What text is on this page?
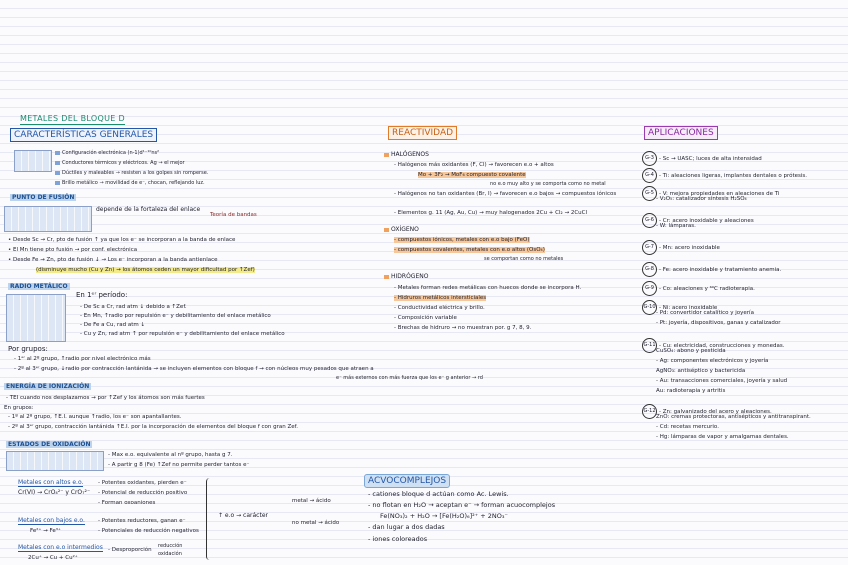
METALES DEL BLOQUE D
CARACTERÍSTICAS GENERALES
Configuración electrónica (n-1)d¹⁻¹⁰ns²
Conductores térmicos y eléctricos. Ag → el mejor
Dúctiles y maleables → resisten a los golpes sin romperse.
Brillo metálico → movilidad de e⁻, chocan, reflejando luz.
PUNTO DE FUSIÓN
depende de la fortaleza del enlace
Teoría de bandas
• Desde Sc → Cr, pto de fusión ↑ ya que los e⁻ se incorporan a la banda de enlace
• El Mn tiene pto fusión → por conf. electrónica
• Desde Fe → Zn, pto de fusión ↓ → Los e⁻ incorporan a la banda antienlace
(disminuye mucho (Cu y Zn) → los átomos ceden un mayor dificultad por ↑Zef)
RADIO METÁLICO
En 1ᵉʳ período:
- De Sc a Cr, rad atm ↓ debido a ↑Zef.
- En Mn, ↑radio por repulsión e⁻ y debilitamiento del enlace metálico
- De Fe a Cu, rad atm ↓
- Cu y Zn, rad atm ↑ por repulsión e⁻ y debilitamiento del enlace metálico
Por grupos:
- 1ᵉʳ al 2º grupo, ↑radio por nivel electrónico más
- 2º al 3ᵉʳ grupo, ↓radio por contracción lantánida → se incluyen elementos con bloque f → con núcleos muy pesados que atraen a
e⁻ más externos con más fuerza que los e⁻ g anterior → rd
ENERGÍA DE IONIZACIÓN
- TEI cuando nos desplazamos → por ↑Zef y los átomos son más fuertes
En grupos:
- 1º al 2º grupo, ↑E.I. aunque ↑radio, los e⁻ son apantallantes.
- 2º al 3ᵉʳ grupo, contracción lantánida ↑E.I. por la incorporación de elementos del bloque f con gran Zef.
ESTADOS DE OXIDACIÓN
- Max e.o. equivalente al nº grupo, hasta g 7.
- A partir g 8 (Fe) ↑Zef no permite perder tantos e⁻
Metales con altos e.o.
Cr(VI) → CrO₄²⁻ y CrO₇²⁻
- Potentes oxidantes, pierden e⁻
- Potencial de reducción positivo
- Forman oxoaniones
Metales con bajos e.o.
Fe²⁺ → Fe³⁺
- Potentes reductores, ganan e⁻
- Potenciales de reducción negativos
Metales con e.o intermedios
2Cu⁺ → Cu + Cu²⁺
- Desproporción
reducción
oxidación
↑ e.o → carácter
metal → ácido
no metal → ácido
REACTIVIDAD
HALÓGENOS
- Halógenos más oxidantes (F, Cl) → favorecen e.o + altos
Mo + 3F₂ → MoF₆ compuesto covalente
no e.o muy alto y se comporta como no metal
- Halógenos no tan oxidantes (Br, I) → favorecen e.o bajos → compuestos iónicos
- Elementos g. 11 (Ag, Au, Cu) → muy halogenados 2Cu + Cl₂ → 2CuCl
OXÍGENO
- compuestos iónicos, metales con e.o bajo (FeO)
- compuestos covalentes, metales con e.o altos (OsO₄)
se comportan como no metales
HIDRÓGENO
- Metales forman redes metálicas con huecos donde se incorpora H.
- Hidruros metálicos intersticiales
- Conductividad eléctrica y brillo.
- Composición variable
- Brechas de hidruro → no muestran por. g 7, 8, 9.
ACVOCOMPLEJOS
- cationes bloque d actúan como Ac. Lewis.
- no flotan en H₂O → aceptan e⁻ → forman acuocomplejos
Fe(NO₃)₂ + H₂O → [Fe(H₂O)₆]²⁺ + 2NO₃⁻
- dan lugar a dos dadas
- iones coloreados
APLICACIONES
G-3 - Sc → UASC; luces de alta intensidad
G-4 - Ti: aleaciones ligeras, implantes dentales o prótesis.
G-5 - V: mejora propiedades en aleaciones de Ti
- V₂O₅: catalizador síntesis H₂SO₄
G-6 - Cr: acero inoxidable y aleaciones
- W: lámparas.
G-7 - Mn: acero inoxidable
G-8 - Fe: acero inoxidable y tratamiento anemia.
G-9 - Co: aleaciones y ⁶⁰C radioterapia.
G-10 - Ni: acero inoxidable
- Pd: convertidor catalítico y joyería
- Pt: joyería, dispositivos, ganas y catalizador
G-11 - Cu: electricidad, construcciones y monedas.
CuSO₄: abono y pesticida
- Ag: componentes electrónicos y joyería
AgNO₃: antiséptico y bactericida
- Au: transacciones comerciales, joyería y salud
Au: radioterapia y artritis
G-12 - Zn: galvanizado del acero y aleaciones.
ZnO: cremas protectoras, antisépticos y antitranspirant.
- Cd: recetas mercurio.
- Hg: lámparas de vapor y amalgamas dentales.
